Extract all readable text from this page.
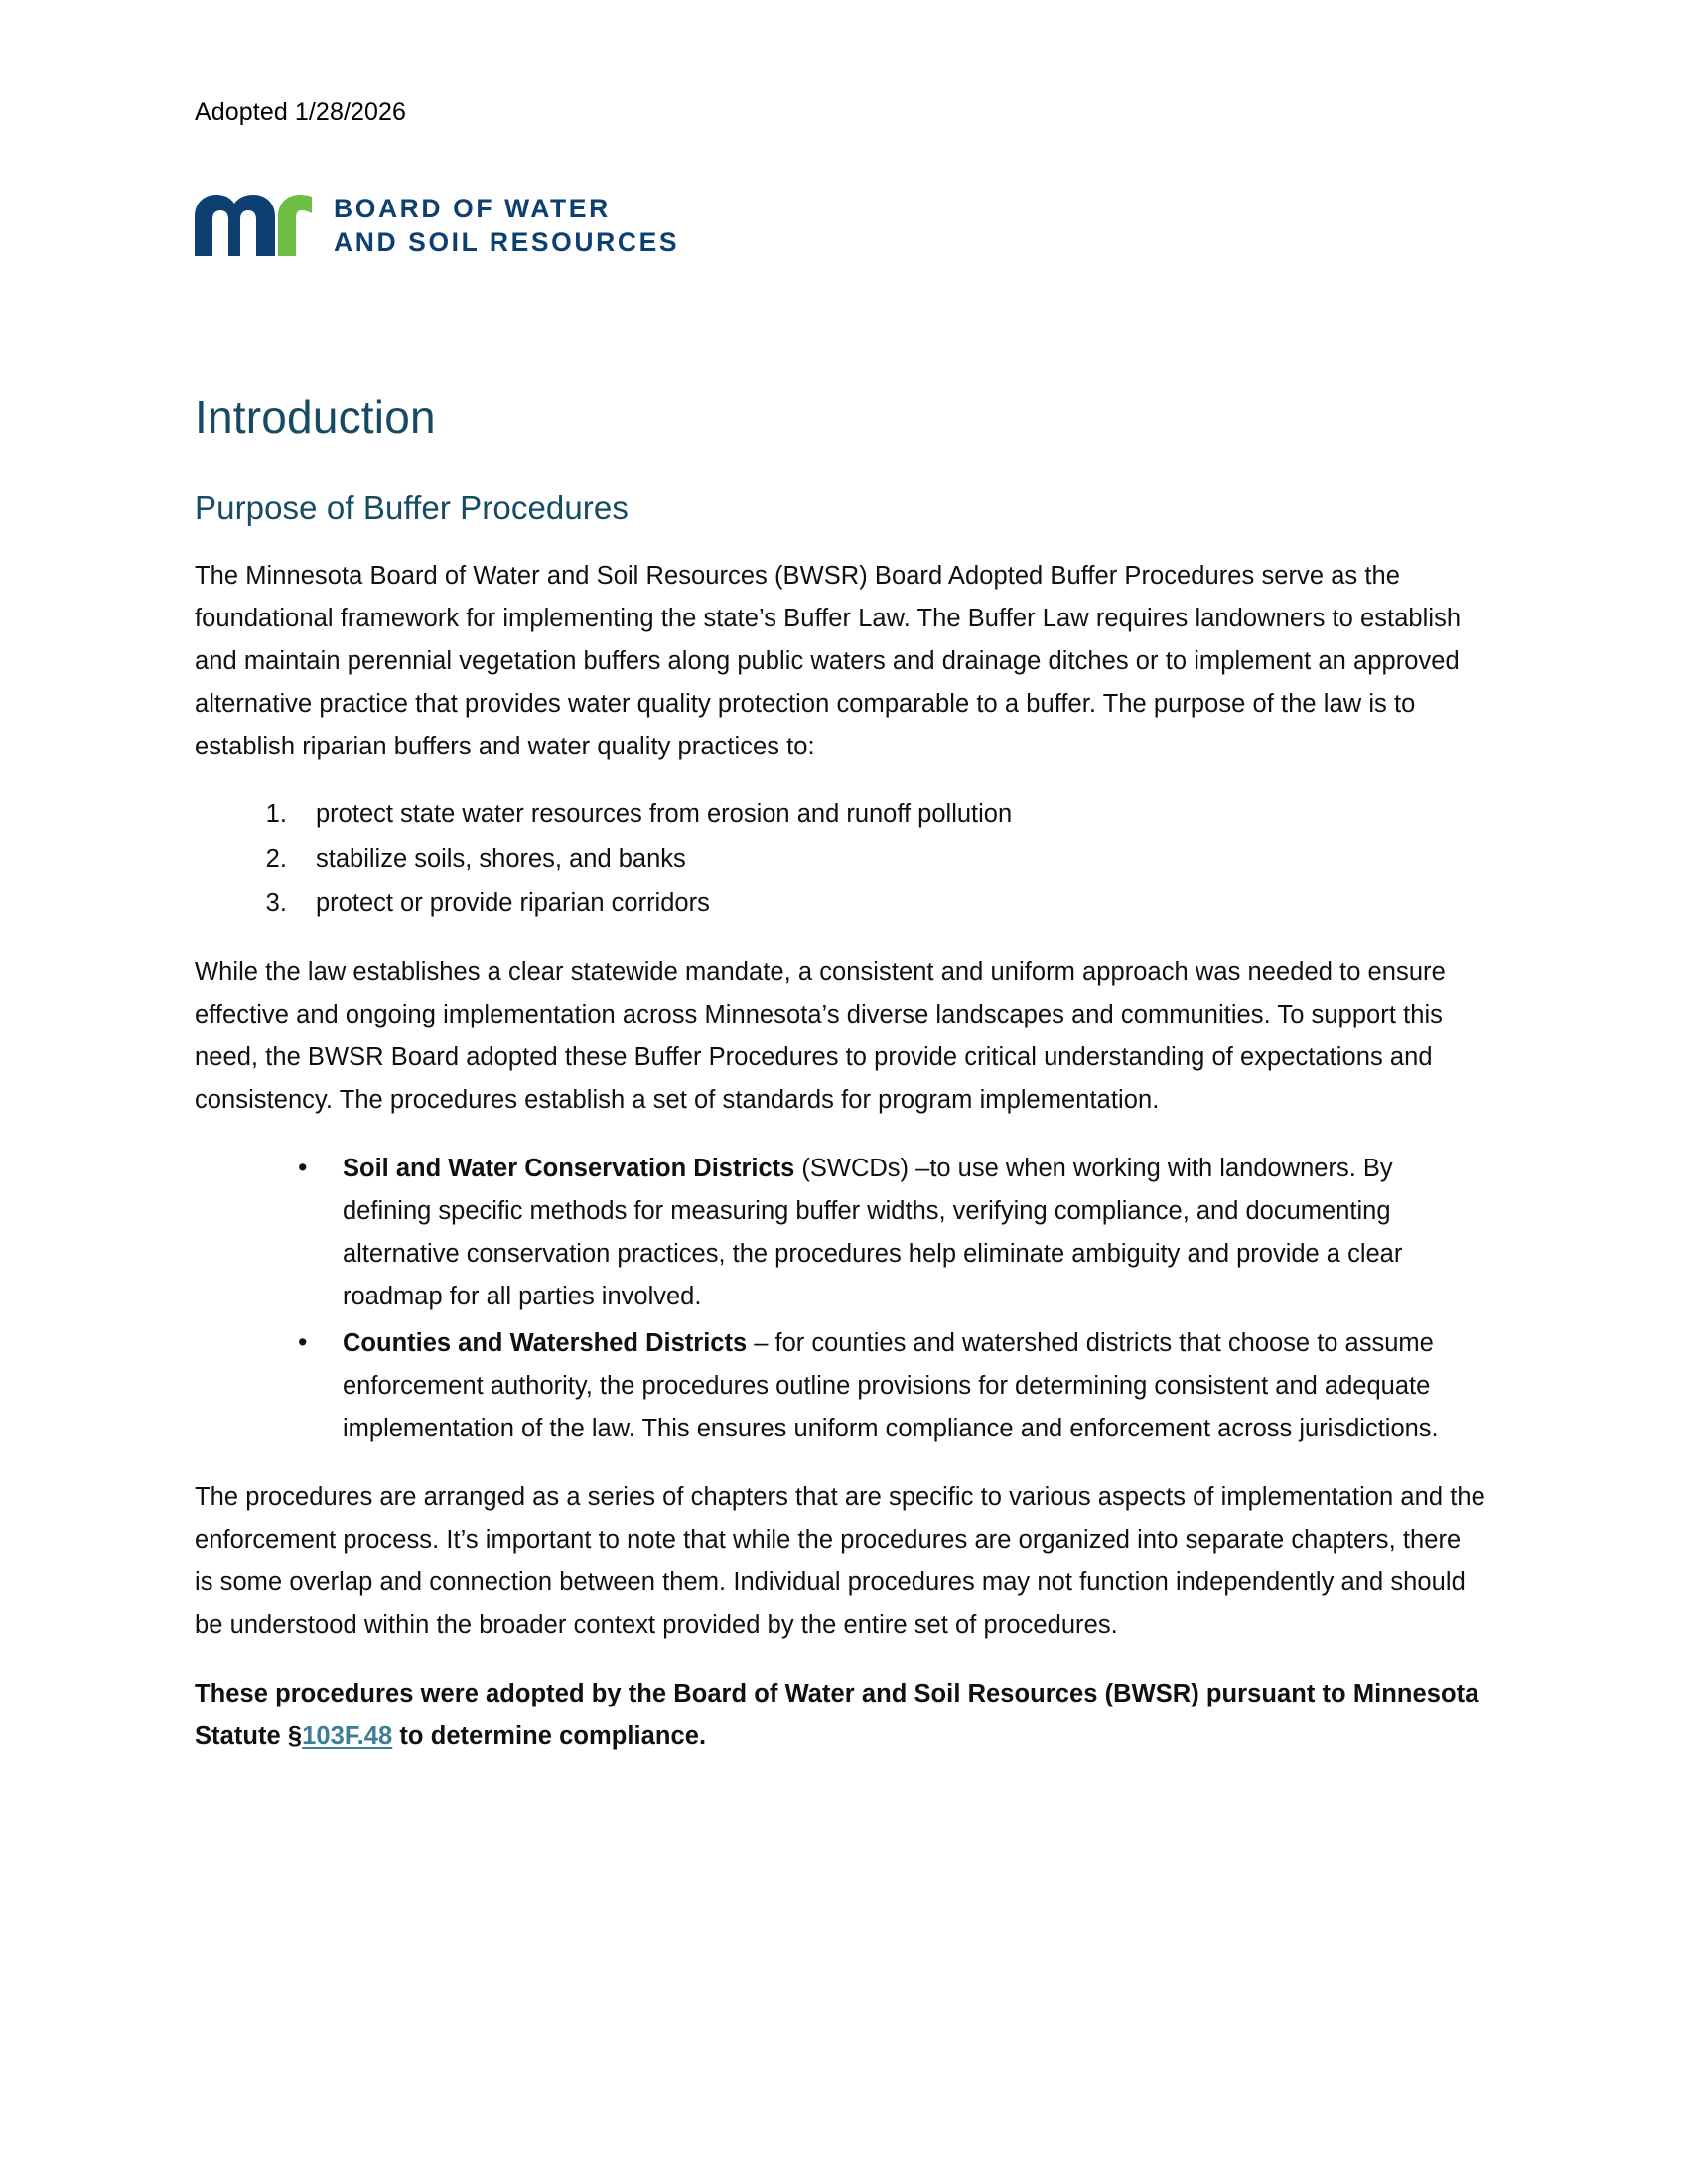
Adopted 1/28/2026
BOARD OF WATER
AND SOIL RESOURCES
Introduction
Purpose of Buffer Procedures

The Minnesota Board of Water and Soil Resources (BWSR) Board Adopted Buffer Procedures serve as the foundational framework for implementing the state’s Buffer Law. The Buffer Law requires landowners to establish and maintain perennial vegetation buffers along public waters and drainage ditches or to implement an approved alternative practice that provides water quality protection comparable to a buffer. The purpose of the law is to establish riparian buffers and water quality practices to:

1. protect state water resources from erosion and runoff pollution
2. stabilize soils, shores, and banks
3. protect or provide riparian corridors

While the law establishes a clear statewide mandate, a consistent and uniform approach was needed to ensure effective and ongoing implementation across Minnesota’s diverse landscapes and communities. To support this need, the BWSR Board adopted these Buffer Procedures to provide critical understanding of expectations and consistency. The procedures establish a set of standards for program implementation.

• Soil and Water Conservation Districts (SWCDs) –to use when working with landowners. By defining specific methods for measuring buffer widths, verifying compliance, and documenting alternative conservation practices, the procedures help eliminate ambiguity and provide a clear roadmap for all parties involved.
• Counties and Watershed Districts – for counties and watershed districts that choose to assume enforcement authority, the procedures outline provisions for determining consistent and adequate implementation of the law. This ensures uniform compliance and enforcement across jurisdictions.

The procedures are arranged as a series of chapters that are specific to various aspects of implementation and the enforcement process. It’s important to note that while the procedures are organized into separate chapters, there is some overlap and connection between them. Individual procedures may not function independently and should be understood within the broader context provided by the entire set of procedures.

These procedures were adopted by the Board of Water and Soil Resources (BWSR) pursuant to Minnesota Statute §103F.48 to determine compliance.
